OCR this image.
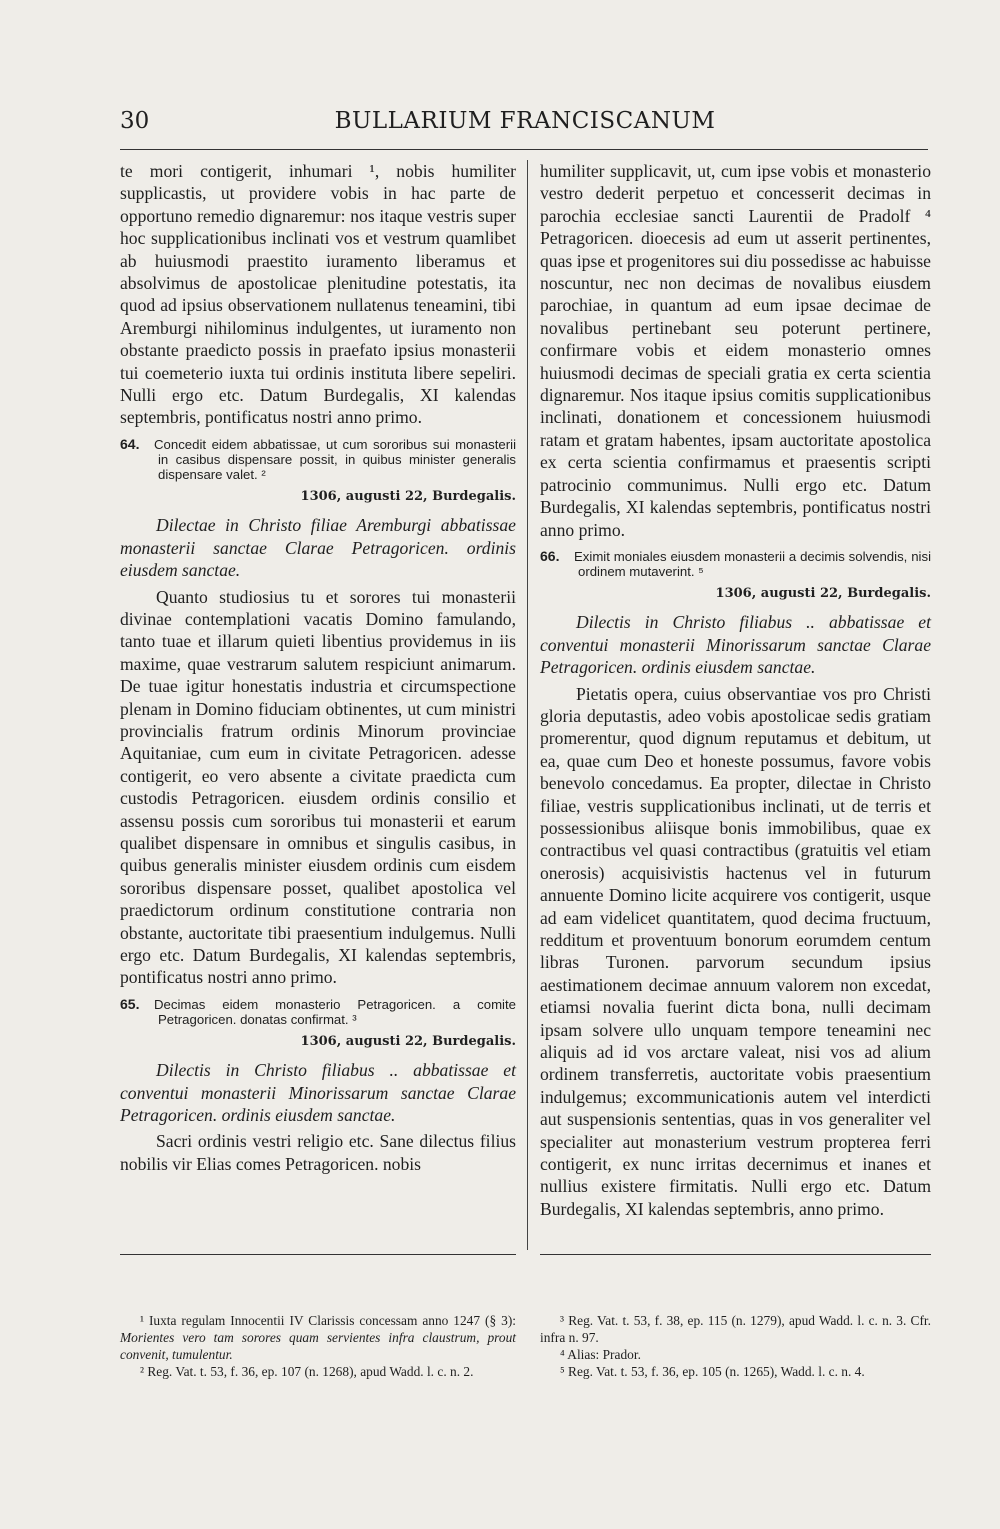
30	BULLARIUM FRANCISCANUM

te mori contigerit, inhumari ¹, nobis humiliter supplicastis, ut providere vobis in hac parte de opportuno remedio dignaremur: nos itaque vestris super hoc supplicationibus inclinati vos et vestrum quamlibet ab huiusmodi praestito iuramento liberamus et absolvimus de apostolicae plenitudine potestatis, ita quod ad ipsius observationem nullatenus teneamini, tibi Aremburgi nihilominus indulgentes, ut iuramento non obstante praedicto possis in praefato ipsius monasterii tui coemeterio iuxta tui ordinis instituta libere sepeliri. Nulli ergo etc. Datum Burdegalis, XI kalendas septembris, pontificatus nostri anno primo.

64. Concedit eidem abbatissae, ut cum sororibus sui monasterii in casibus dispensare possit, in quibus minister generalis dispensare valet. ²
1306, augusti 22, Burdegalis.

Dilectae in Christo filiae Aremburgi abbatissae monasterii sanctae Clarae Petragoricen. ordinis eiusdem sanctae.

Quanto studiosius tu et sorores tui monasterii divinae contemplationi vacatis Domino famulando, tanto tuae et illarum quieti libentius providemus in iis maxime, quae vestrarum salutem respiciunt animarum. De tuae igitur honestatis industria et circumspectione plenam in Domino fiduciam obtinentes, ut cum ministri provincialis fratrum ordinis Minorum provinciae Aquitaniae, cum eum in civitate Petragoricen. adesse contigerit, eo vero absente a civitate praedicta cum custodis Petragoricen. eiusdem ordinis consilio et assensu possis cum sororibus tui monasterii et earum qualibet dispensare in omnibus et singulis casibus, in quibus generalis minister eiusdem ordinis cum eisdem sororibus dispensare posset, qualibet apostolica vel praedictorum ordinum constitutione contraria non obstante, auctoritate tibi praesentium indulgemus. Nulli ergo etc. Datum Burdegalis, XI kalendas septembris, pontificatus nostri anno primo.

65. Decimas eidem monasterio Petragoricen. a comite Petragoricen. donatas confirmat. ³
1306, augusti 22, Burdegalis.

Dilectis in Christo filiabus .. abbatissae et conventui monasterii Minorissarum sanctae Clarae Petragoricen. ordinis eiusdem sanctae.

Sacri ordinis vestri religio etc. Sane dilectus filius nobilis vir Elias comes Petragoricen. nobis

humiliter supplicavit, ut, cum ipse vobis et monasterio vestro dederit perpetuo et concesserit decimas in parochia ecclesiae sancti Laurentii de Pradolf ⁴ Petragoricen. dioecesis ad eum ut asserit pertinentes, quas ipse et progenitores sui diu possedisse ac habuisse noscuntur, nec non decimas de novalibus eiusdem parochiae, in quantum ad eum ipsae decimae de novalibus pertinebant seu poterunt pertinere, confirmare vobis et eidem monasterio omnes huiusmodi decimas de speciali gratia ex certa scientia dignaremur. Nos itaque ipsius comitis supplicationibus inclinati, donationem et concessionem huiusmodi ratam et gratam habentes, ipsam auctoritate apostolica ex certa scientia confirmamus et praesentis scripti patrocinio communimus. Nulli ergo etc. Datum Burdegalis, XI kalendas septembris, pontificatus nostri anno primo.

66. Eximit moniales eiusdem monasterii a decimis solvendis, nisi ordinem mutaverint. ⁵
1306, augusti 22, Burdegalis.

Dilectis in Christo filiabus .. abbatissae et conventui monasterii Minorissarum sanctae Clarae Petragoricen. ordinis eiusdem sanctae.

Pietatis opera, cuius observantiae vos pro Christi gloria deputastis, adeo vobis apostolicae sedis gratiam promerentur, quod dignum reputamus et debitum, ut ea, quae cum Deo et honeste possumus, favore vobis benevolo concedamus. Ea propter, dilectae in Christo filiae, vestris supplicationibus inclinati, ut de terris et possessionibus aliisque bonis immobilibus, quae ex contractibus vel quasi contractibus (gratuitis vel etiam onerosis) acquisivistis hactenus vel in futurum annuente Domino licite acquirere vos contigerit, usque ad eam videlicet quantitatem, quod decima fructuum, redditum et proventuum bonorum eorumdem centum libras Turonen. parvorum secundum ipsius aestimationem decimae annuum valorem non excedat, etiamsi novalia fuerint dicta bona, nulli decimam ipsam solvere ullo unquam tempore teneamini nec aliquis ad id vos arctare valeat, nisi vos ad alium ordinem transferretis, auctoritate vobis praesentium indulgemus; excommunicationis autem vel interdicti aut suspensionis sententias, quas in vos generaliter vel specialiter aut monasterium vestrum propterea ferri contigerit, ex nunc irritas decernimus et inanes et nullius existere firmitatis. Nulli ergo etc. Datum Burdegalis, XI kalendas septembris, anno primo.

¹ Iuxta regulam Innocentii IV Clarissis concessam anno 1247 (§ 3): Morientes vero tam sorores quam servientes infra claustrum, prout convenit, tumulentur.

² Reg. Vat. t. 53, f. 36, ep. 107 (n. 1268), apud Wadd. l. c. n. 2.

³ Reg. Vat. t. 53, f. 38, ep. 115 (n. 1279), apud Wadd. l. c. n. 3. Cfr. infra n. 97.

⁴ Alias: Prador.

⁵ Reg. Vat. t. 53, f. 36, ep. 105 (n. 1265), Wadd. l. c. n. 4.
